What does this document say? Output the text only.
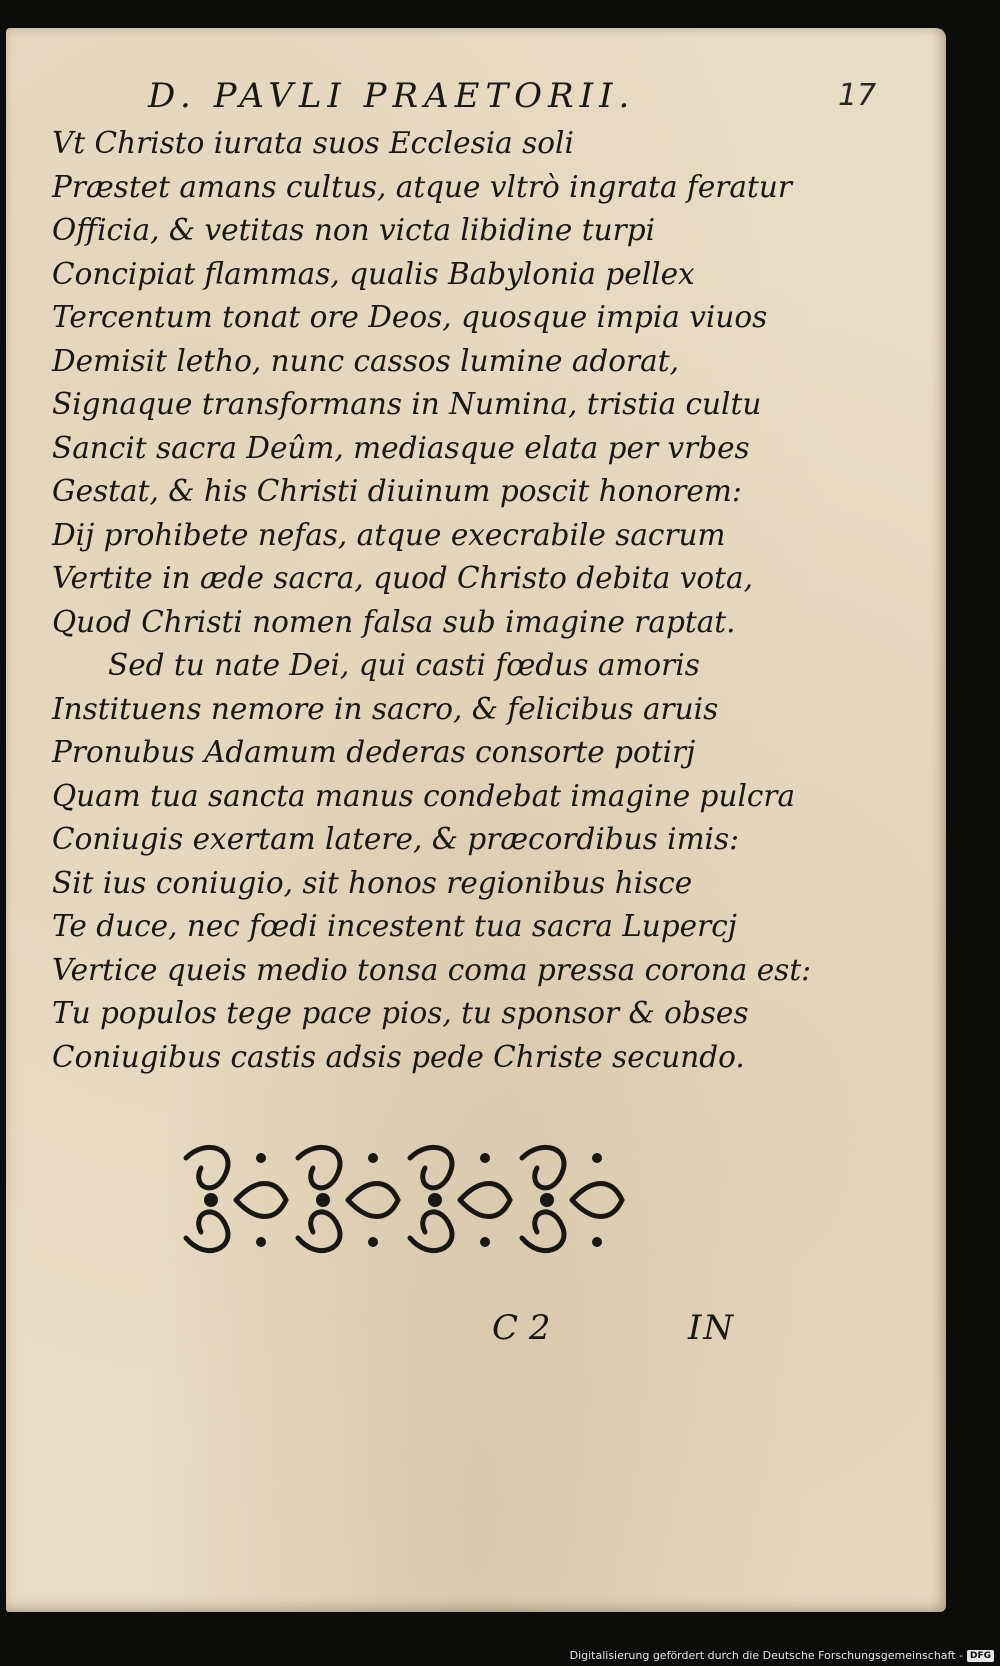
D. PAVLI PRAETORII.	17
Vt Christo iurata suos Ecclesia soli
Præstet amans cultus, atque vltrò ingrata feratur
Officia, & vetitas non victa libidine turpi
Concipiat flammas, qualis Babylonia pellex
Tercentum tonat ore Deos, quosque impia viuos
Demisit letho, nunc cassos lumine adorat,
Signaque transformans in Numina, tristia cultu
Sancit sacra Deûm, mediasque elata per vrbes
Gestat, & his Christi diuinum poscit honorem:
Dij prohibete nefas, atque execrabile sacrum
Vertite in æde sacra, quod Christo debita vota,
Quod Christi nomen falsa sub imagine raptat.
Sed tu nate Dei, qui casti fœdus amoris
Instituens nemore in sacro, & felicibus aruis
Pronubus Adamum dederas consorte potirj
Quam tua sancta manus condebat imagine pulcra
Coniugis exertam latere, & præcordibus imis:
Sit ius coniugio, sit honos regionibus hisce
Te duce, nec fœdi incestent tua sacra Lupercj
Vertice queis medio tonsa coma pressa corona est:
Tu populos tege pace pios, tu sponsor & obses
Coniugibus castis adsis pede Christe secundo.
C 2	IN
Digitalisierung gefördert durch die Deutsche Forschungsgemeinschaft - DFG
